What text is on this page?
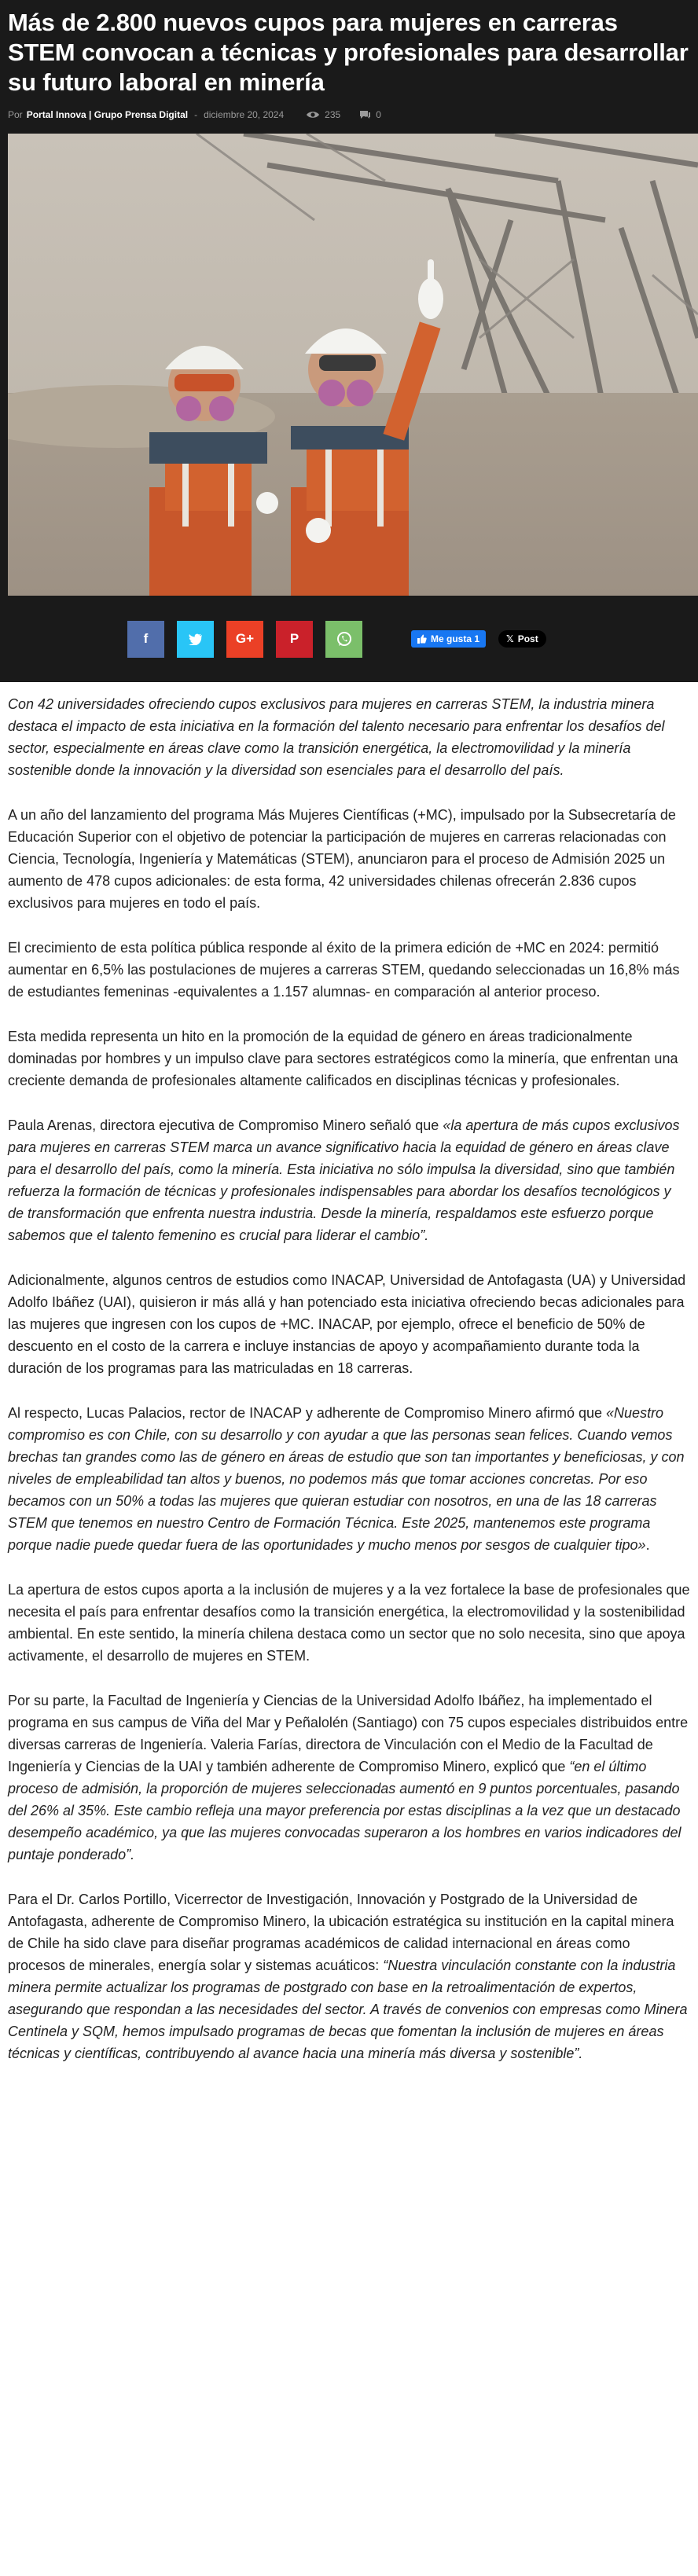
Más de 2.800 nuevos cupos para mujeres en carreras STEM convocan a técnicas y profesionales para desarrollar su futuro laboral en minería
Por Portal Innova | Grupo Prensa Digital - diciembre 20, 2024	235	0
f	G+	P	Me gusta 1	𝕏 Post

Con 42 universidades ofreciendo cupos exclusivos para mujeres en carreras STEM, la industria minera destaca el impacto de esta iniciativa en la formación del talento necesario para enfrentar los desafíos del sector, especialmente en áreas clave como la transición energética, la electromovilidad y la minería sostenible donde la innovación y la diversidad son esenciales para el desarrollo del país.

A un año del lanzamiento del programa Más Mujeres Científicas (+MC), impulsado por la Subsecretaría de Educación Superior con el objetivo de potenciar la participación de mujeres en carreras relacionadas con Ciencia, Tecnología, Ingeniería y Matemáticas (STEM), anunciaron para el proceso de Admisión 2025 un aumento de 478 cupos adicionales: de esta forma, 42 universidades chilenas ofrecerán 2.836 cupos exclusivos para mujeres en todo el país.

El crecimiento de esta política pública responde al éxito de la primera edición de +MC en 2024: permitió aumentar en 6,5% las postulaciones de mujeres a carreras STEM, quedando seleccionadas un 16,8% más de estudiantes femeninas -equivalentes a 1.157 alumnas- en comparación al anterior proceso.

Esta medida representa un hito en la promoción de la equidad de género en áreas tradicionalmente dominadas por hombres y un impulso clave para sectores estratégicos como la minería, que enfrentan una creciente demanda de profesionales altamente calificados en disciplinas técnicas y profesionales.

Paula Arenas, directora ejecutiva de Compromiso Minero señaló que «la apertura de más cupos exclusivos para mujeres en carreras STEM marca un avance significativo hacia la equidad de género en áreas clave para el desarrollo del país, como la minería. Esta iniciativa no sólo impulsa la diversidad, sino que también refuerza la formación de técnicas y profesionales indispensables para abordar los desafíos tecnológicos y de transformación que enfrenta nuestra industria. Desde la minería, respaldamos este esfuerzo porque sabemos que el talento femenino es crucial para liderar el cambio”.

Adicionalmente, algunos centros de estudios como INACAP, Universidad de Antofagasta (UA) y Universidad Adolfo Ibáñez (UAI), quisieron ir más allá y han potenciado esta iniciativa ofreciendo becas adicionales para las mujeres que ingresen con los cupos de +MC. INACAP, por ejemplo, ofrece el beneficio de 50% de descuento en el costo de la carrera e incluye instancias de apoyo y acompañamiento durante toda la duración de los programas para las matriculadas en 18 carreras.

Al respecto, Lucas Palacios, rector de INACAP y adherente de Compromiso Minero afirmó que «Nuestro compromiso es con Chile, con su desarrollo y con ayudar a que las personas sean felices. Cuando vemos brechas tan grandes como las de género en áreas de estudio que son tan importantes y beneficiosas, y con niveles de empleabilidad tan altos y buenos, no podemos más que tomar acciones concretas. Por eso becamos con un 50% a todas las mujeres que quieran estudiar con nosotros, en una de las 18 carreras STEM que tenemos en nuestro Centro de Formación Técnica. Este 2025, mantenemos este programa porque nadie puede quedar fuera de las oportunidades y mucho menos por sesgos de cualquier tipo».

La apertura de estos cupos aporta a la inclusión de mujeres y a la vez fortalece la base de profesionales que necesita el país para enfrentar desafíos como la transición energética, la electromovilidad y la sostenibilidad ambiental. En este sentido, la minería chilena destaca como un sector que no solo necesita, sino que apoya activamente, el desarrollo de mujeres en STEM.

Por su parte, la Facultad de Ingeniería y Ciencias de la Universidad Adolfo Ibáñez, ha implementado el programa en sus campus de Viña del Mar y Peñalolén (Santiago) con 75 cupos especiales distribuidos entre diversas carreras de Ingeniería. Valeria Farías, directora de Vinculación con el Medio de la Facultad de Ingeniería y Ciencias de la UAI y también adherente de Compromiso Minero, explicó que “en el último proceso de admisión, la proporción de mujeres seleccionadas aumentó en 9 puntos porcentuales, pasando del 26% al 35%. Este cambio refleja una mayor preferencia por estas disciplinas a la vez que un destacado desempeño académico, ya que las mujeres convocadas superaron a los hombres en varios indicadores del puntaje ponderado”.

Para el Dr. Carlos Portillo, Vicerrector de Investigación, Innovación y Postgrado de la Universidad de Antofagasta, adherente de Compromiso Minero, la ubicación estratégica su institución en la capital minera de Chile ha sido clave para diseñar programas académicos de calidad internacional en áreas como procesos de minerales, energía solar y sistemas acuáticos: “Nuestra vinculación constante con la industria minera permite actualizar los programas de postgrado con base en la retroalimentación de expertos, asegurando que respondan a las necesidades del sector. A través de convenios con empresas como Minera Centinela y SQM, hemos impulsado programas de becas que fomentan la inclusión de mujeres en áreas técnicas y científicas, contribuyendo al avance hacia una minería más diversa y sostenible”.
